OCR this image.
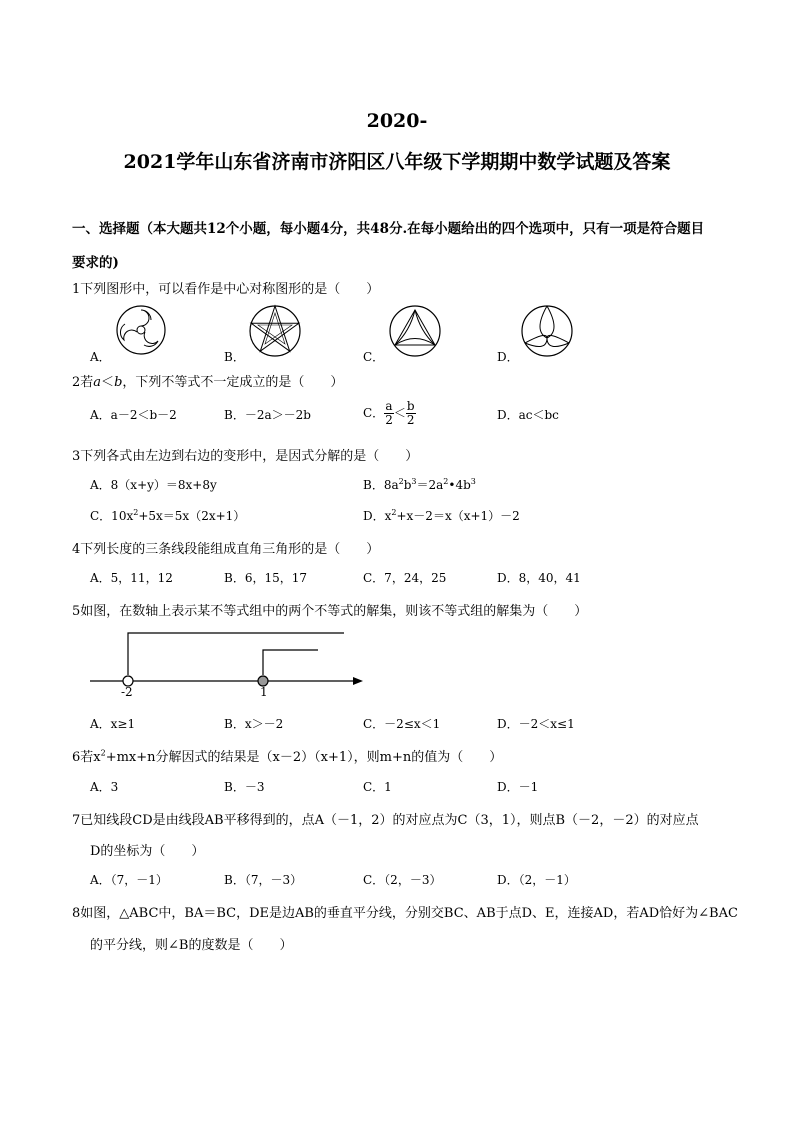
2020-
2021学年山东省济南市济阳区八年级下学期期中数学试题及答案
一、选择题（本大题共12个小题，每小题4分，共48分.在每小题给出的四个选项中，只有一项是符合题目
要求的)
1下列图形中，可以看作是中心对称图形的是（　　）
A．	B．	C．	D．
2若a＜b，下列不等式不一定成立的是（　　）
A．a－2＜b－2	B．－2a＞－2b	C． $\frac{a}{2} < \frac{b}{2}$	D．ac＜bc
3下列各式由左边到右边的变形中，是因式分解的是（　　）
A．8（x+y）＝8x+8y	B．$8a^2b^3=2a^2•4b^3$
C．$10x^2+5x=5x(2x+1)$	D．$x^2+x-2=x(x+1)-2$
4下列长度的三条线段能组成直角三角形的是（　　）
A．5，11，12	B．6，15，17	C．7，24，25	D．8，40，41
5如图，在数轴上表示某不等式组中的两个不等式的解集，则该不等式组的解集为（　　）
-2	1
A．x≥1	B．x＞－2	C．－2≤x＜1	D．－2＜x≤1
6若$x^2+mx+n$分解因式的结果是（x－2）（x+1），则m+n的值为（　　）
A．3	B．－3	C．1	D．－1
7已知线段CD是由线段AB平移得到的，点A（－1，2）的对应点为C（3，1），则点B（－2，－2）的对应点
D的坐标为（　　）
A．（7，－1）	B．（7，－3）	C．（2，－3）	D．（2，－1）
8如图，△ABC中，BA＝BC，DE是边AB的垂直平分线，分别交BC、AB于点D、E，连接AD，若AD恰好为∠BAC
的平分线，则∠B的度数是（　　）
